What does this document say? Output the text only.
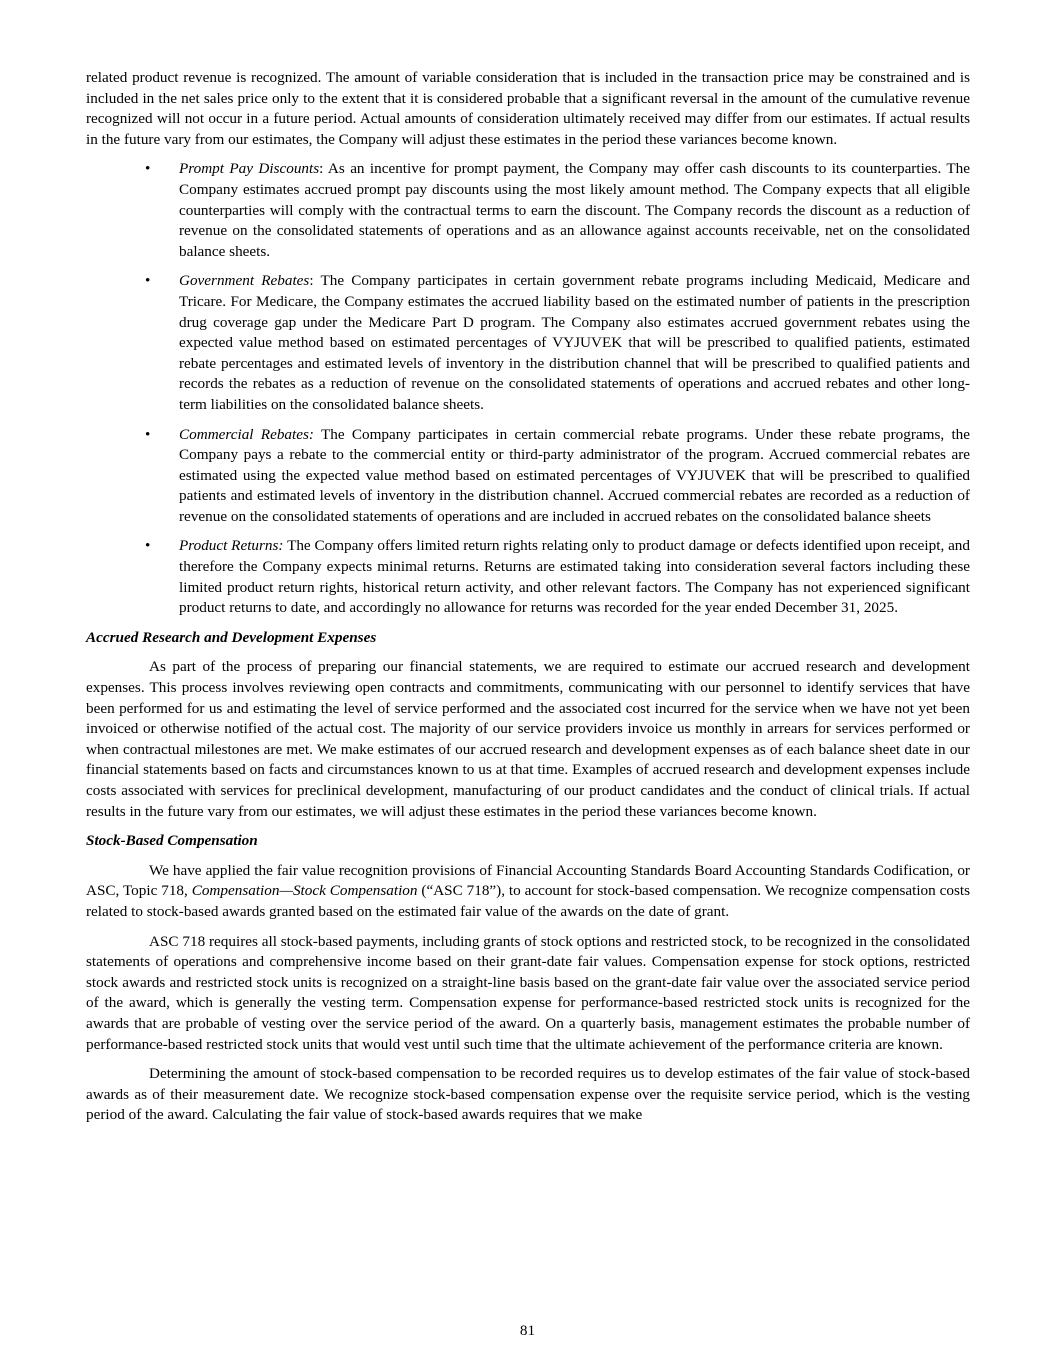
related product revenue is recognized. The amount of variable consideration that is included in the transaction price may be constrained and is included in the net sales price only to the extent that it is considered probable that a significant reversal in the amount of the cumulative revenue recognized will not occur in a future period. Actual amounts of consideration ultimately received may differ from our estimates. If actual results in the future vary from our estimates, the Company will adjust these estimates in the period these variances become known.

• Prompt Pay Discounts: As an incentive for prompt payment, the Company may offer cash discounts to its counterparties. The Company estimates accrued prompt pay discounts using the most likely amount method. The Company expects that all eligible counterparties will comply with the contractual terms to earn the discount. The Company records the discount as a reduction of revenue on the consolidated statements of operations and as an allowance against accounts receivable, net on the consolidated balance sheets.
• Government Rebates: The Company participates in certain government rebate programs including Medicaid, Medicare and Tricare. For Medicare, the Company estimates the accrued liability based on the estimated number of patients in the prescription drug coverage gap under the Medicare Part D program. The Company also estimates accrued government rebates using the expected value method based on estimated percentages of VYJUVEK that will be prescribed to qualified patients, estimated rebate percentages and estimated levels of inventory in the distribution channel that will be prescribed to qualified patients and records the rebates as a reduction of revenue on the consolidated statements of operations and accrued rebates and other long-term liabilities on the consolidated balance sheets.
• Commercial Rebates: The Company participates in certain commercial rebate programs. Under these rebate programs, the Company pays a rebate to the commercial entity or third-party administrator of the program. Accrued commercial rebates are estimated using the expected value method based on estimated percentages of VYJUVEK that will be prescribed to qualified patients and estimated levels of inventory in the distribution channel. Accrued commercial rebates are recorded as a reduction of revenue on the consolidated statements of operations and are included in accrued rebates on the consolidated balance sheets
• Product Returns: The Company offers limited return rights relating only to product damage or defects identified upon receipt, and therefore the Company expects minimal returns. Returns are estimated taking into consideration several factors including these limited product return rights, historical return activity, and other relevant factors. The Company has not experienced significant product returns to date, and accordingly no allowance for returns was recorded for the year ended December 31, 2025.

Accrued Research and Development Expenses

As part of the process of preparing our financial statements, we are required to estimate our accrued research and development expenses. This process involves reviewing open contracts and commitments, communicating with our personnel to identify services that have been performed for us and estimating the level of service performed and the associated cost incurred for the service when we have not yet been invoiced or otherwise notified of the actual cost. The majority of our service providers invoice us monthly in arrears for services performed or when contractual milestones are met. We make estimates of our accrued research and development expenses as of each balance sheet date in our financial statements based on facts and circumstances known to us at that time. Examples of accrued research and development expenses include costs associated with services for preclinical development, manufacturing of our product candidates and the conduct of clinical trials. If actual results in the future vary from our estimates, we will adjust these estimates in the period these variances become known.

Stock-Based Compensation

We have applied the fair value recognition provisions of Financial Accounting Standards Board Accounting Standards Codification, or ASC, Topic 718, Compensation—Stock Compensation (“ASC 718”), to account for stock-based compensation. We recognize compensation costs related to stock-based awards granted based on the estimated fair value of the awards on the date of grant.

ASC 718 requires all stock-based payments, including grants of stock options and restricted stock, to be recognized in the consolidated statements of operations and comprehensive income based on their grant-date fair values. Compensation expense for stock options, restricted stock awards and restricted stock units is recognized on a straight-line basis based on the grant-date fair value over the associated service period of the award, which is generally the vesting term. Compensation expense for performance-based restricted stock units is recognized for the awards that are probable of vesting over the service period of the award. On a quarterly basis, management estimates the probable number of performance-based restricted stock units that would vest until such time that the ultimate achievement of the performance criteria are known.

Determining the amount of stock-based compensation to be recorded requires us to develop estimates of the fair value of stock-based awards as of their measurement date. We recognize stock-based compensation expense over the requisite service period, which is the vesting period of the award. Calculating the fair value of stock-based awards requires that we make

81
